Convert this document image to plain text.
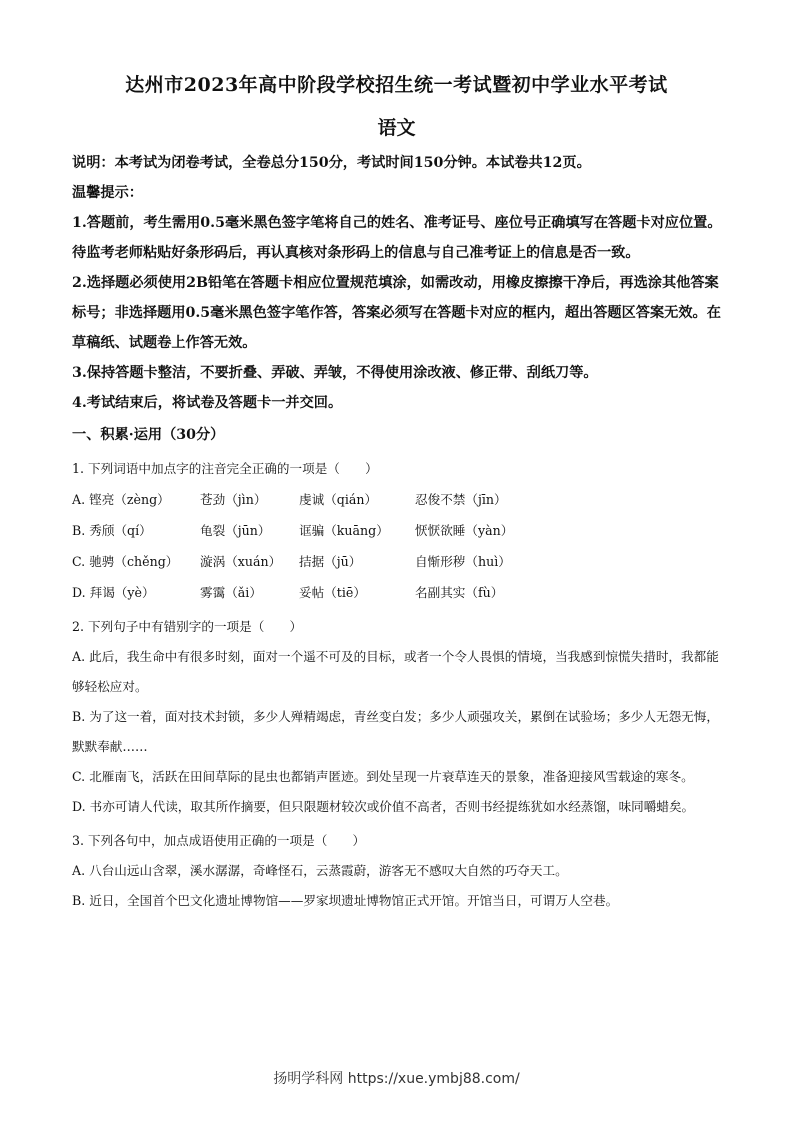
达州市2023年高中阶段学校招生统一考试暨初中学业水平考试
语文

说明：本考试为闭卷考试，全卷总分150分，考试时间150分钟。本试卷共12页。

温馨提示：

1.答题前，考生需用0.5毫米黑色签字笔将自己的姓名、准考证号、座位号正确填写在答题卡对应位置。待监考老师粘贴好条形码后，再认真核对条形码上的信息与自己准考证上的信息是否一致。

2.选择题必须使用2B铅笔在答题卡相应位置规范填涂，如需改动，用橡皮擦擦干净后，再选涂其他答案标号；非选择题用0.5毫米黑色签字笔作答，答案必须写在答题卡对应的框内，超出答题区答案无效。在草稿纸、试题卷上作答无效。

3.保持答题卡整洁，不要折叠、弄破、弄皱，不得使用涂改液、修正带、刮纸刀等。

4.考试结束后，将试卷及答题卡一并交回。

一、积累·运用（30分）

1. 下列词语中加点字的注音完全正确的一项是（　　）

A. 铿亮（zèng）	苍劲（jìn）	虔诚（qián）	忍俊不禁（jīn）
B. 秀颀（qí）	龟裂（jūn）	诓骗（kuāng）	恹恹欲睡（yàn）
C. 驰骋（chěng）	漩涡（xuán）	拮据（jū）	自惭形秽（huì）
D. 拜谒（yè）	雾霭（ǎi）	妥帖（tiē）	名副其实（fù）

2. 下列句子中有错别字的一项是（　　）

A. 此后，我生命中有很多时刻，面对一个遥不可及的目标，或者一个令人畏惧的情境，当我感到惊慌失措时，我都能够轻松应对。

B. 为了这一着，面对技术封锁，多少人殚精竭虑，青丝变白发；多少人顽强攻关，累倒在试验场；多少人无怨无悔，默默奉献……

C. 北雁南飞，活跃在田间草际的昆虫也都销声匿迹。到处呈现一片衰草连天的景象，准备迎接风雪载途的寒冬。

D. 书亦可请人代读，取其所作摘要，但只限题材较次或价值不高者，否则书经提练犹如水经蒸馏，味同嚼蜡矣。

3. 下列各句中，加点成语使用正确的一项是（　　）

A. 八台山远山含翠，溪水潺潺，奇峰怪石，云蒸霞蔚，游客无不感叹大自然的巧夺天工。

B. 近日，全国首个巴文化遗址博物馆——罗家坝遗址博物馆正式开馆。开馆当日，可谓万人空巷。

扬明学科网 https://xue.ymbj88.com/
